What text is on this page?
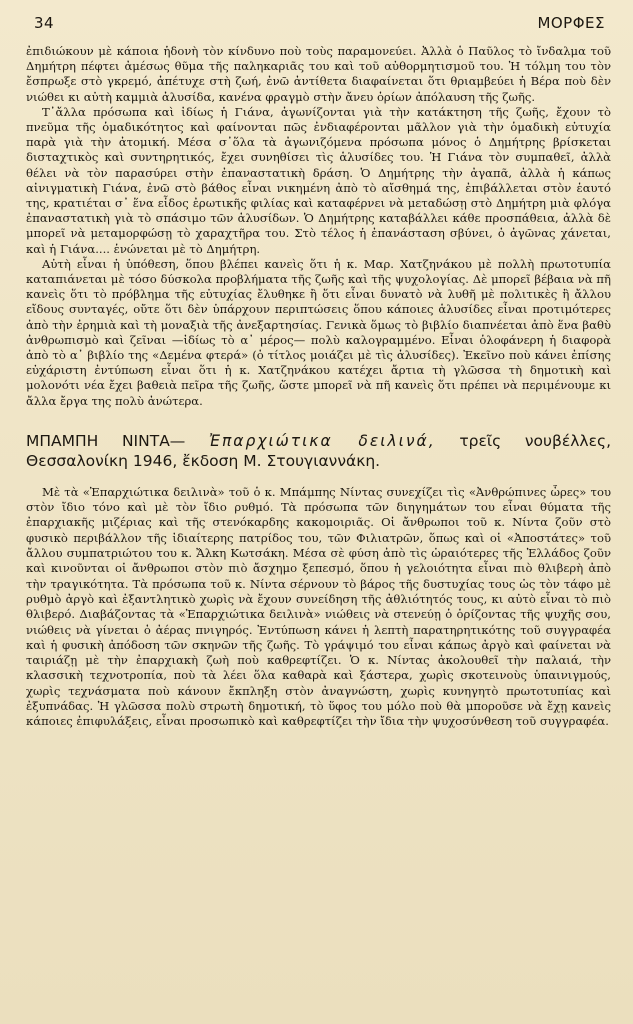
34	ΜΟΡΦΕΣ

ἐπιδιώκουν μὲ κάποια ἡδονὴ τὸν κίνδυνο ποὺ τοὺς παραμονεύει. Ἀλλὰ ὁ Παῦλος τὸ ἴνδαλμα τοῦ Δημήτρη πέφτει ἀμέσως θῦμα τῆς παληκαριᾶς του καὶ τοῦ αὐθορμητισμοῦ του. Ἡ τόλμη του τὸν ἔσπρωξε στὸ γκρεμό, ἀπέτυχε στὴ ζωή, ἐνῶ ἀντίθετα διαφαίνεται ὅτι θριαμβεύει ἡ Βέρα ποὺ δὲν νιώθει κι αὐτὴ καμμιὰ ἀλυσίδα, κανένα φραγμὸ στὴν ἄνευ ὁρίων ἀπόλαυση τῆς ζωῆς.

Τ᾽ἄλλα πρόσωπα καὶ ἰδίως ἡ Γιάνα, ἀγωνίζονται γιὰ τὴν κατάκτηση τῆς ζωῆς, ἔχουν τὸ πνεῦμα τῆς ὁμαδικότητος καὶ φαίνονται πῶς ἐνδιαφέρονται μᾶλλον γιὰ τὴν ὁμαδικὴ εὐτυχία παρὰ γιὰ τὴν ἀτομική. Μέσα σ᾽ὅλα τὰ ἀγωνιζόμενα πρόσωπα μόνος ὁ Δημήτρης βρίσκεται δισταχτικὸς καὶ συντηρητικός, ἔχει συνηθίσει τὶς ἁλυσίδες του. Ἡ Γιάνα τὸν συμπαθεῖ, ἀλλὰ θέλει νὰ τὸν παρασύρει στὴν ἐπαναστατικὴ δράση. Ὁ Δημήτρης τὴν ἀγαπᾶ, ἀλλὰ ἡ κάπως αἰνιγματικὴ Γιάνα, ἐνῶ στὸ βάθος εἶναι νικημένη ἀπὸ τὸ αἴσθημά της, ἐπιβάλλεται στὸν ἑαυτό της, κρατιέται σ᾽ ἕνα εἶδος ἐρωτικῆς φιλίας καὶ καταφέρνει νὰ μεταδώσῃ στὸ Δημήτρη μιὰ φλόγα ἐπαναστατικὴ γιὰ τὸ σπάσιμο τῶν ἁλυσίδων. Ὁ Δημήτρης καταβάλλει κάθε προσπάθεια, ἀλλὰ δὲ μπορεῖ νὰ μεταμορφώσῃ τὸ χαραχτῆρα του. Στὸ τέλος ἡ ἐπανάσταση σβύνει, ὁ ἀγῶνας χάνεται, καὶ ἡ Γιάνα.... ἑνώνεται μὲ τὸ Δημήτρη.

Αὐτὴ εἶναι ἡ ὑπόθεση, ὅπου βλέπει κανεὶς ὅτι ἡ κ. Μαρ. Χατζηνάκου μὲ πολλὴ πρωτοτυπία καταπιάνεται μὲ τόσο δύσκολα προβλήματα τῆς ζωῆς καὶ τῆς ψυχολογίας. Δὲ μπορεῖ βέβαια νὰ πῆ κανεὶς ὅτι τὸ πρόβλημα τῆς εὐτυχίας ἔλυθηκε ἢ ὅτι εἶναι δυνατὸ νὰ λυθῆ μὲ πολιτικὲς ἢ ἄλλου εἴδους συνταγές, οὔτε ὅτι δὲν ὑπάρχουν περιπτώσεις ὅπου κάποιες ἁλυσίδες εἶναι προτιμότερες ἀπὸ τὴν ἐρημιὰ καὶ τὴ μοναξιὰ τῆς ἀνεξαρτησίας. Γενικὰ ὅμως τὸ βιβλίο διαπνέεται ἀπὸ ἕνα βαθὺ ἀνθρωπισμὸ καὶ ζεῖναι —ἰδίως τὸ α᾽ μέρος— πολὺ καλογραμμένο. Εἶναι ὁλοφάνερη ἡ διαφορὰ ἀπὸ τὸ α᾽ βιβλίο της «Δεμένα φτερά» (ὁ τίτλος μοιάζει μὲ τὶς ἁλυσίδες). Ἐκεῖνο ποὺ κάνει ἐπίσης εὐχάριστη ἐντύπωση εἶναι ὅτι ἡ κ. Χατζηνάκου κατέχει ἄρτια τὴ γλῶσσα τὴ δημοτικὴ καὶ μολονότι νέα ἔχει βαθειὰ πεῖρα τῆς ζωῆς, ὥστε μπορεῖ νὰ πῆ κανεὶς ὅτι πρέπει νὰ περιμένουμε κι ἄλλα ἔργα της πολὺ ἀνώτερα.

ΜΠΑΜΠΗ ΝΙΝΤΑ— Ἐπαρχιώτικα δειλινά, τρεῖς νουβέλλες, Θεσσαλονίκη 1946, ἔκδοση Μ. Στουγιαννάκη.

Μὲ τὰ «Ἐπαρχιώτικα δειλινὰ» τοῦ ὁ κ. Μπάμπης Νίντας συνεχίζει τὶς «Ἀνθρώπινες ὧρες» του στὸν ἴδιο τόνο καὶ μὲ τὸν ἴδιο ρυθμό. Τὰ πρόσωπα τῶν διηγημάτων του εἶναι θύματα τῆς ἐπαρχιακῆς μιζέριας καὶ τῆς στενόκαρδης κακομοιριᾶς. Οἱ ἄνθρωποι τοῦ κ. Νίντα ζοῦν στὸ φυσικὸ περιβάλλον τῆς ἰδιαίτερης πατρίδος του, τῶν Φιλιατρῶν, ὅπως καὶ οἱ «Ἀποστάτες» τοῦ ἄλλου συμπατριώτου του κ. Ἄλκη Κωτσάκη. Μέσα σὲ φύση ἀπὸ τὶς ὡραιότερες τῆς Ἑλλάδος ζοῦν καὶ κινοῦνται οἱ ἄνθρωποι στὸν πιὸ ἄσχημο ξεπεσμό, ὅπου ἡ γελοιότητα εἶναι πιὸ θλιβερὴ ἀπὸ τὴν τραγικότητα. Τὰ πρόσωπα τοῦ κ. Νίντα σέρνουν τὸ βάρος τῆς δυστυχίας τους ὡς τὸν τάφο μὲ ρυθμὸ ἀργὸ καὶ ἐξαντλητικὸ χωρὶς νὰ ἔχουν συνείδηση τῆς ἀθλιότητός τους, κι αὐτὸ εἶναι τὸ πιὸ θλιβερό. Διαβάζοντας τὰ «Ἐπαρχιώτικα δειλινὰ» νιώθεις νὰ στενεύῃ ὁ ὁρίζοντας τῆς ψυχῆς σου, νιώθεις νὰ γίνεται ὁ ἀέρας πνιγηρός. Ἐντύπωση κάνει ἡ λεπτὴ παρατηρητικότης τοῦ συγγραφέα καὶ ἡ φυσικὴ ἀπόδοση τῶν σκηνῶν τῆς ζωῆς. Τὸ γράψιμό του εἶναι κάπως ἀργὸ καὶ φαίνεται νὰ ταιριάζῃ μὲ τὴν ἐπαρχιακὴ ζωὴ ποὺ καθρεφτίζει. Ὁ κ. Νίντας ἀκολουθεῖ τὴν παλαιά, τὴν κλασσικὴ τεχνοτροπία, ποὺ τὰ λέει ὅλα καθαρὰ καὶ ξάστερα, χωρὶς σκοτεινοὺς ὑπαινιγμούς, χωρὶς τεχνάσματα ποὺ κάνουν ἔκπληξη στὸν ἀναγνώστη, χωρὶς κυνηγητὸ πρωτοτυπίας καὶ ἐξυπνάδας. Ἡ γλῶσσα πολὺ στρωτὴ δημοτική, τὸ ὕφος του μόλο ποὺ θὰ μποροῦσε νὰ ἔχῃ κανεὶς κάποιες ἐπιφυλάξεις, εἶναι προσωπικὸ καὶ καθρεφτίζει τὴν ἴδια τὴν ψυχοσύνθεση τοῦ συγγραφέα.
